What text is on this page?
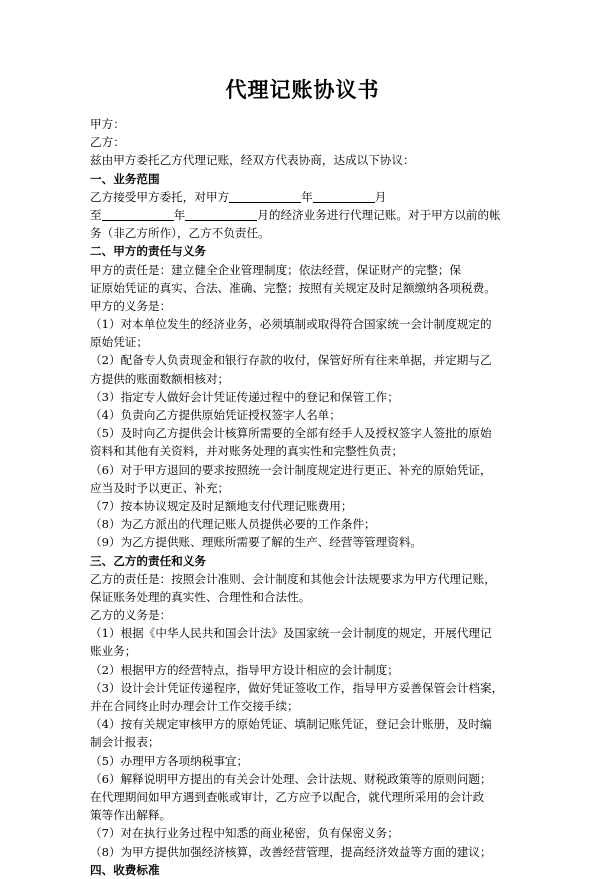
代理记账协议书
甲方：
乙方：
兹由甲方委托乙方代理记账，经双方代表协商，达成以下协议：
一、业务范围
乙方接受甲方委托，对甲方	年	月
至	年	月的经济业务进行代理记账。对于甲方以前的帐
务（非乙方所作），乙方不负责任。
二、甲方的责任与义务
甲方的责任是：建立健全企业管理制度；依法经营，保证财产的完整；保
证原始凭证的真实、合法、准确、完整；按照有关规定及时足额缴纳各项税费。
甲方的义务是：
（1）对本单位发生的经济业务，必须填制或取得符合国家统一会计制度规定的
原始凭证；
（2）配备专人负责现金和银行存款的收付，保管好所有往来单据，并定期与乙
方提供的账面数额相核对；
（3）指定专人做好会计凭证传递过程中的登记和保管工作；
（4）负责向乙方提供原始凭证授权签字人名单；
（5）及时向乙方提供会计核算所需要的全部有经手人及授权签字人签批的原始
资料和其他有关资料，并对账务处理的真实性和完整性负责；
（6）对于甲方退回的要求按照统一会计制度规定进行更正、补充的原始凭证，
应当及时予以更正、补充；
（7）按本协议规定及时足额地支付代理记账费用；
（8）为乙方派出的代理记账人员提供必要的工作条件；
（9）为乙方提供账、理账所需要了解的生产、经营等管理资料。
三、乙方的责任和义务
乙方的责任是：按照会计准则、会计制度和其他会计法规要求为甲方代理记账，
保证账务处理的真实性、合理性和合法性。
乙方的义务是：
（1）根据《中华人民共和国会计法》及国家统一会计制度的规定，开展代理记
账业务；
（2）根据甲方的经营特点，指导甲方设计相应的会计制度；
（3）设计会计凭证传递程序，做好凭证签收工作，指导甲方妥善保管会计档案，
并在合同终止时办理会计工作交接手续；
（4）按有关规定审核甲方的原始凭证、填制记账凭证，登记会计账册，及时编
制会计报表；
（5）办理甲方各项纳税事宜；
（6）解释说明甲方提出的有关会计处理、会计法规、财税政策等的原则问题；
在代理期间如甲方遇到查帐或审计，乙方应予以配合，就代理所采用的会计政
策等作出解释。
（7）对在执行业务过程中知悉的商业秘密，负有保密义务；
（8）为甲方提供加强经济核算，改善经营管理，提高经济效益等方面的建议；
四、收费标准
